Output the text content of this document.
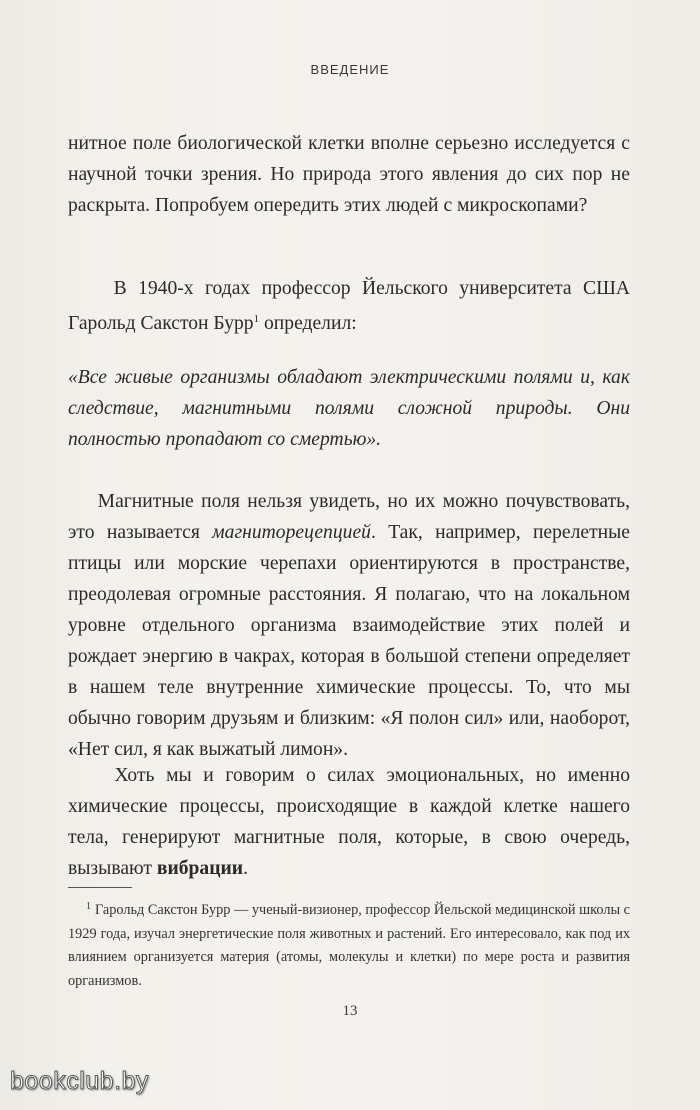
ВВЕДЕНИЕ

нитное поле биологической клетки вполне серьезно исследуется с научной точки зрения. Но природа этого явления до сих пор не раскрыта. Попробуем опередить этих людей с микроскопами?

В 1940-х годах профессор Йельского университета США Гарольд Сакстон Бурр$^1$ определил:

«Все живые организмы обладают электрическими полями и, как следствие, магнитными полями сложной природы. Они полностью пропадают со смертью».

Магнитные поля нельзя увидеть, но их можно почувствовать, это называется магниторецепцией. Так, например, перелетные птицы или морские черепахи ориентируются в пространстве, преодолевая огромные расстояния. Я полагаю, что на локальном уровне отдельного организма взаимодействие этих полей и рождает энергию в чакрах, которая в большой степени определяет в нашем теле внутренние химические процессы. То, что мы обычно говорим друзьям и близким: «Я полон сил» или, наоборот, «Нет сил, я как выжатый лимон».

Хоть мы и говорим о силах эмоциональных, но именно химические процессы, происходящие в каждой клетке нашего тела, генерируют магнитные поля, которые, в свою очередь, вызывают вибрации.

$^1$ Гарольд Сакстон Бурр — ученый-визионер, профессор Йельской медицинской школы с 1929 года, изучал энергетические поля животных и растений. Его интересовало, как под их влиянием организуется материя (атомы, молекулы и клетки) по мере роста и развития организмов.
13
bookclub.by
